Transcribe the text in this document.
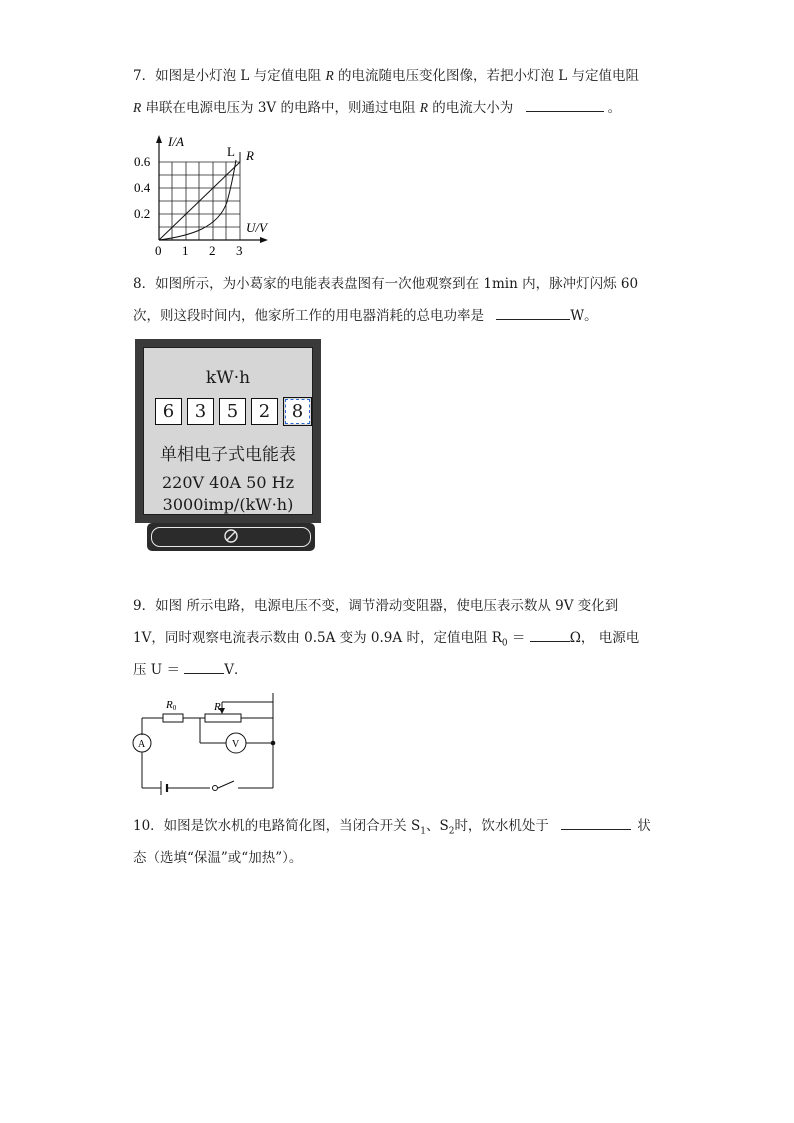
7．如图是小灯泡 L 与定值电阻 R 的电流随电压变化图像，若把小灯泡 L 与定值电阻
R 串联在电源电压为 3V 的电路中，则通过电阻 R 的电流大小为	。
I/A
L R
0.6
0.4
0.2
0 1 2 3
U/V
8．如图所示，为小葛家的电能表表盘图有一次他观察到在 1min 内，脉冲灯闪烁 60
次，则这段时间内，他家所工作的用电器消耗的总电功率是	W。
kW·h
6	3	5	2	8
单相电子式电能表
220V 40A 50 Hz
3000imp/(kW·h)
9．如图 所示电路，电源电压不变，调节滑动变阻器，使电压表示数从 9V 变化到
1V，同时观察电流表示数由 0.5A 变为 0.9A 时，定值电阻 $R_0$ ＝	Ω， 电源电
压 U ＝	V．
R0	R
A	V
10．如图是饮水机的电路简化图，当闭合开关 $S_1$、$S_2$时，饮水机处于	状
态（选填“保温”或“加热”）。
